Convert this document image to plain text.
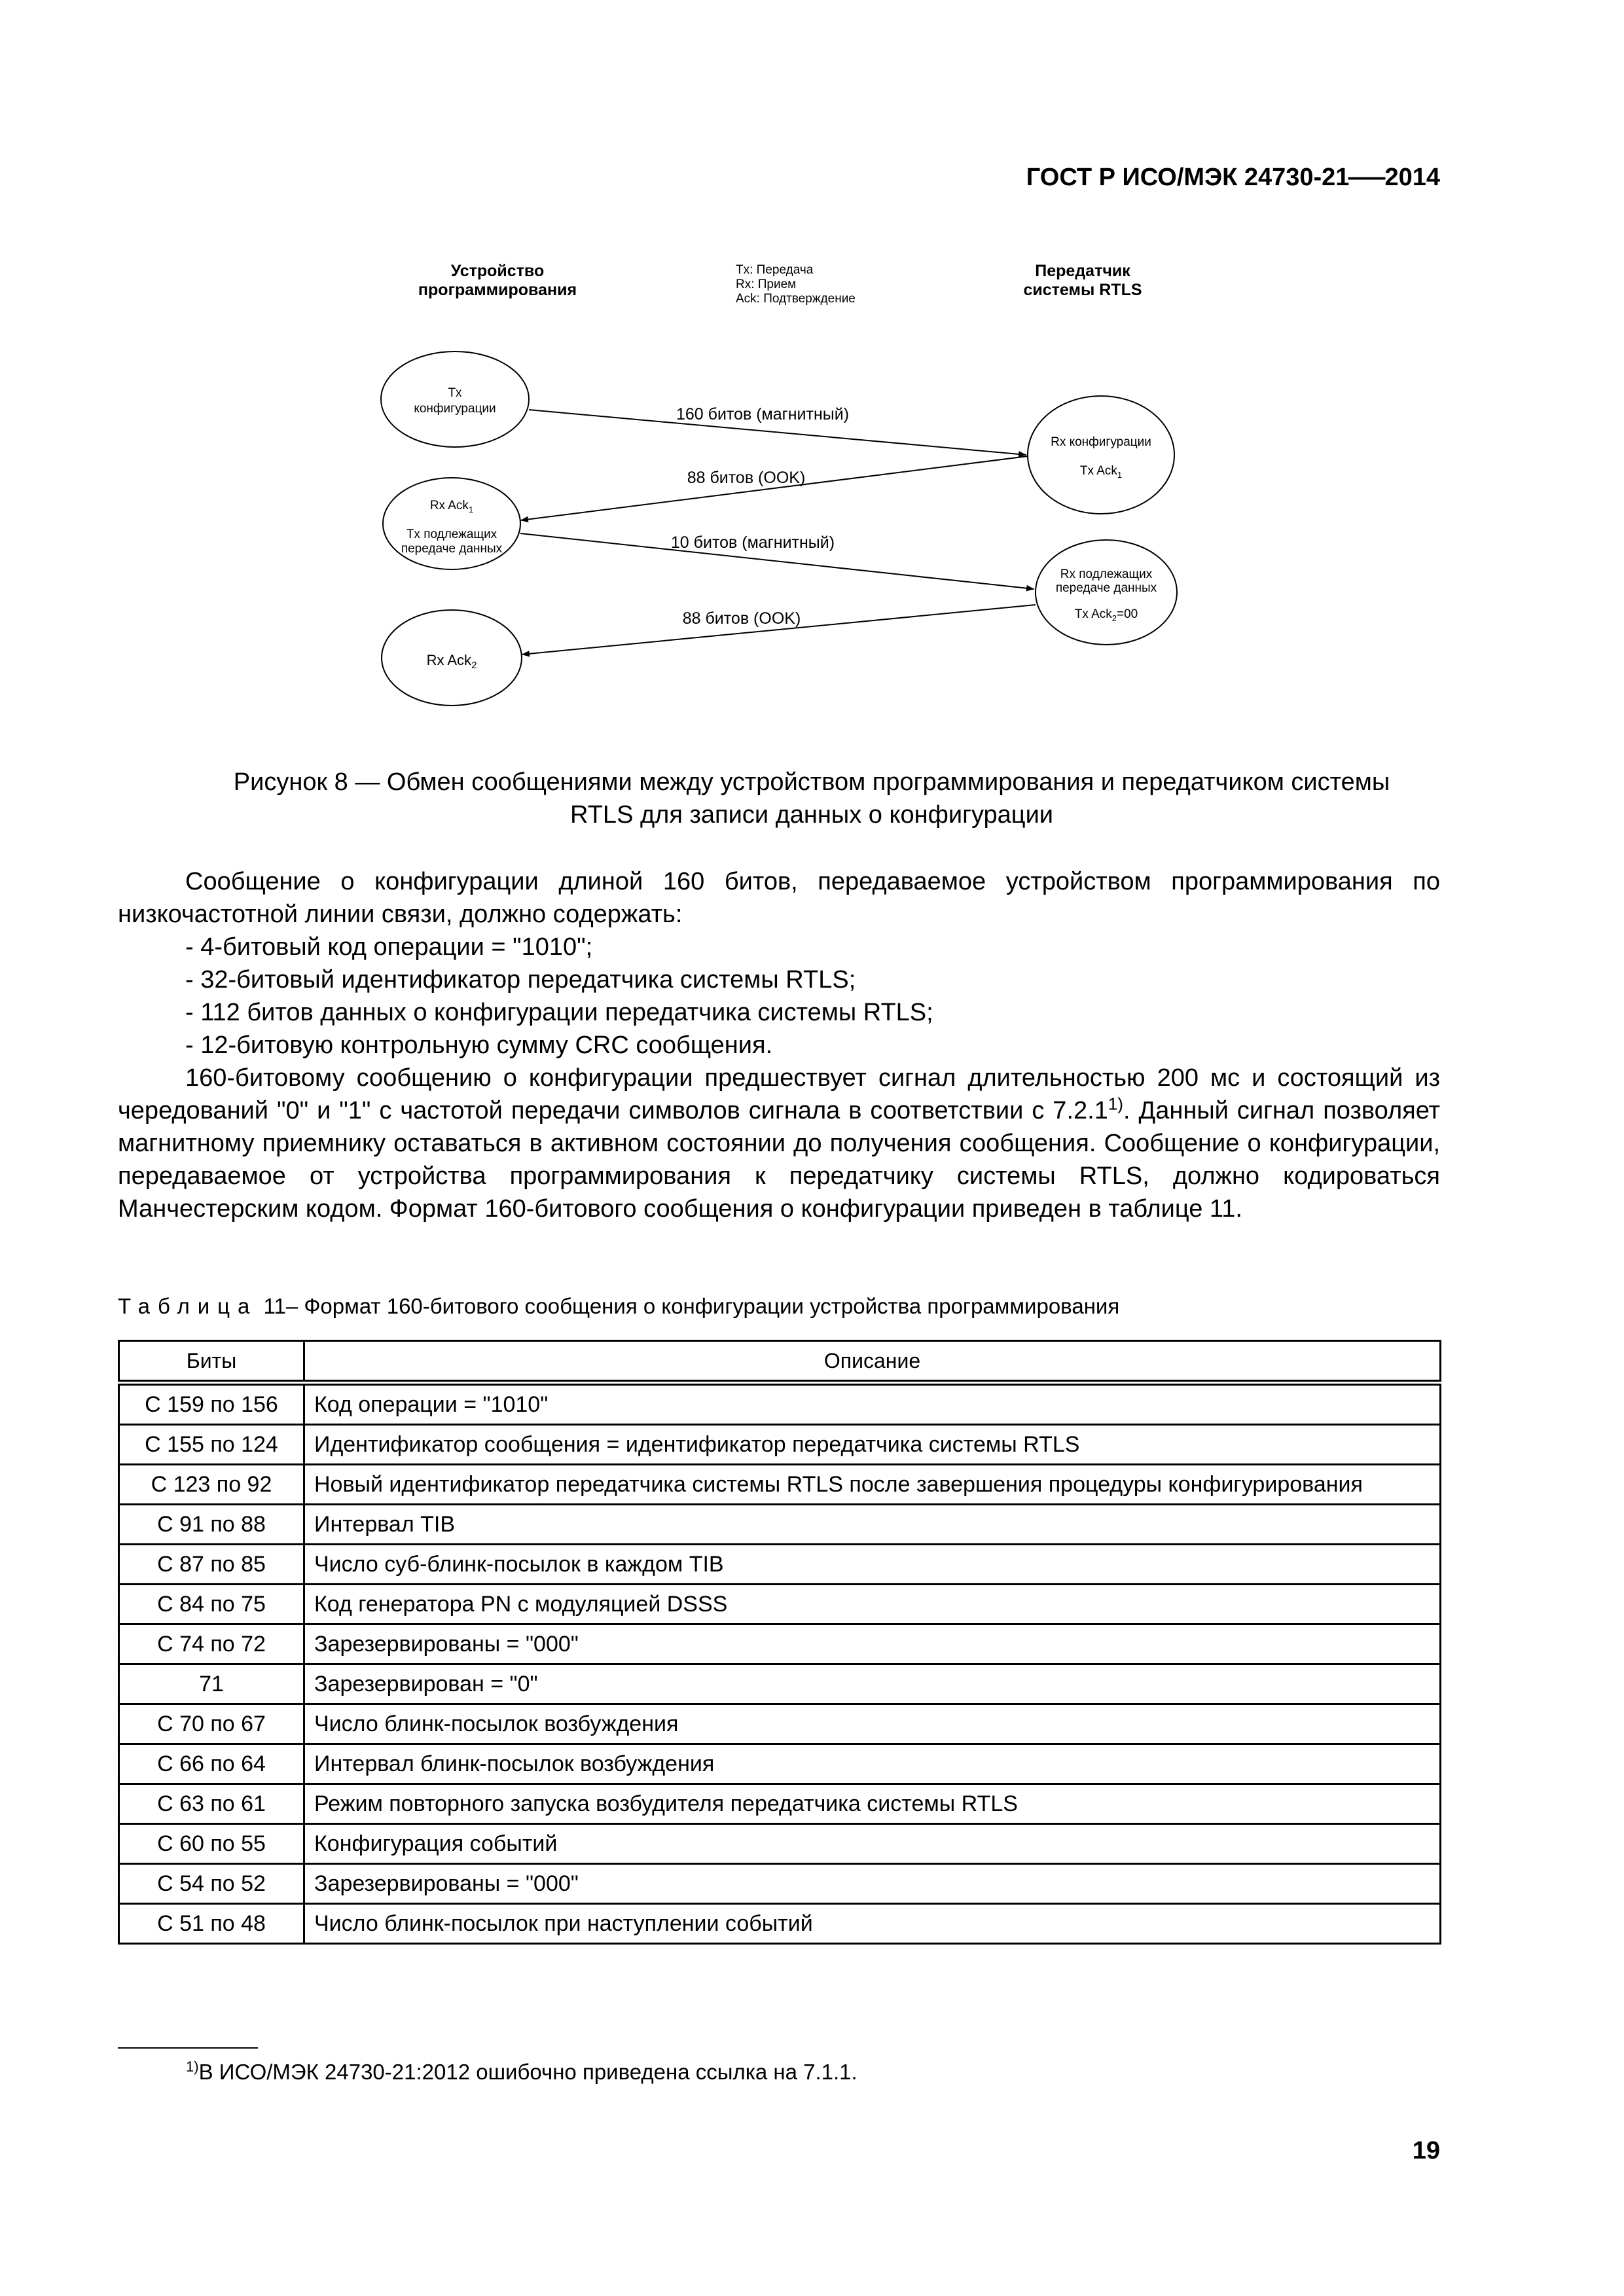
ГОСТ Р ИСО/МЭК 24730-21—2014
Устройство
программирования
Tx: Передача
Rx: Прием
Ack: Подтверждение
Передатчик
системы RTLS
Tx
конфигурации
Rx Ack$_1$
Tx подлежащих
передаче данных
Rx Ack$_2$
Rx конфигурации
Tx Ack$_1$
Rx подлежащих
передаче данных
Tx Ack$_2$=00
160 битов (магнитный)
88 битов (OOK)
10 битов (магнитный)
88 битов (OOK)
Рисунок 8 — Обмен сообщениями между устройством программирования и передатчиком системы
RTLS для записи данных о конфигурации

Сообщение о конфигурации длиной 160 битов, передаваемое устройством программирования по низкочастотной линии связи, должно содержать:

- 4-битовый код операции = "1010";

- 32-битовый идентификатор передатчика системы RTLS;

- 112 битов данных о конфигурации передатчика системы RTLS;

- 12-битовую контрольную сумму CRC сообщения.

160-битовому сообщению о конфигурации предшествует сигнал длительностью 200 мс и состоящий из чередований "0" и "1" с частотой передачи символов сигнала в соответствии с 7.2.1$^{1)}$. Данный сигнал позволяет магнитному приемнику оставаться в активном состоянии до получения сообщения. Сообщение о конфигурации, передаваемое от устройства программирования к передатчику системы RTLS, должно кодироваться Манчестерским кодом. Формат 160-битового сообщения о конфигурации приведен в таблице 11.

Таблица 11– Формат 160-битового сообщения о конфигурации устройства программирования
Биты	Описание
С 159 по 156	Код операции = "1010"
С 155 по 124	Идентификатор сообщения = идентификатор передатчика системы RTLS
С 123 по 92	Новый идентификатор передатчика системы RTLS после завершения процедуры конфигурирования
С 91 по 88	Интервал TIB
С 87 по 85	Число суб-блинк-посылок в каждом TIB
С 84 по 75	Код генератора PN с модуляцией DSSS
С 74 по 72	Зарезервированы = "000"
71	Зарезервирован = "0"
С 70 по 67	Число блинк-посылок возбуждения
С 66 по 64	Интервал блинк-посылок возбуждения
С 63 по 61	Режим повторного запуска возбудителя передатчика системы RTLS
С 60 по 55	Конфигурация событий
С 54 по 52	Зарезервированы = "000"
С 51 по 48	Число блинк-посылок при наступлении событий
$^{1)}$В ИСО/МЭК 24730-21:2012 ошибочно приведена ссылка на 7.1.1.
19
